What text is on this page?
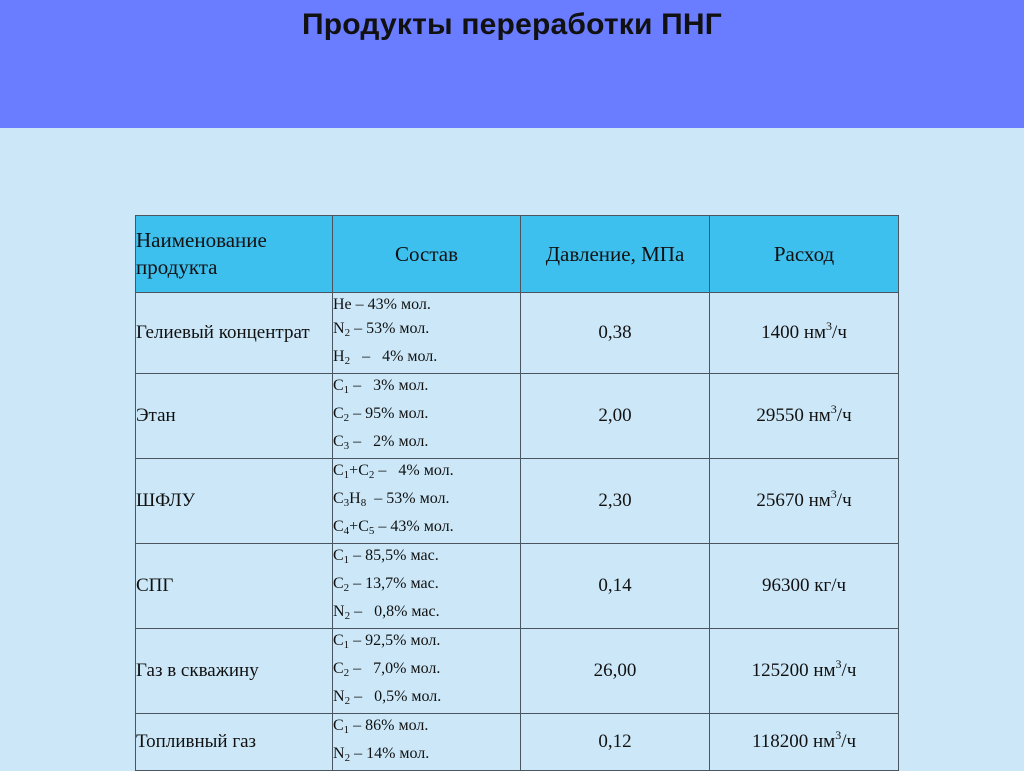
Продукты переработки ПНГ
Наименование продукта	Состав	Давление, МПа	Расход
Гелиевый концентрат	He – 43% мол.
$N_2 - 53\%$ мол.
$H_2 - 4\%$ мол.	0,38	1400 $нм^3/ч$
Этан	$C_1 - 3\%$ мол.
$C_2 - 95\%$ мол.
$C_3 - 2\%$ мол.	2,00	29550 $нм^3/ч$
ШФЛУ	$C_1+C_2 - 4\%$ мол.
$C_3H_8 - 53\%$ мол.
$C_4+C_5 - 43\%$ мол.	2,30	25670 $нм^3/ч$
СПГ	$C_1 - 85,5\%$ мас.
$C_2 - 13,7\%$ мас.
$N_2 - 0,8\%$ мас.	0,14	96300 кг/ч
Газ в скважину	$C_1 - 92,5\%$ мол.
$C_2 - 7,0\%$ мол.
$N_2 - 0,5\%$ мол.	26,00	125200 $нм^3/ч$
Топливный газ	$C_1 - 86\%$ мол.
$N_2 - 14\%$ мол.	0,12	118200 $нм^3/ч$
